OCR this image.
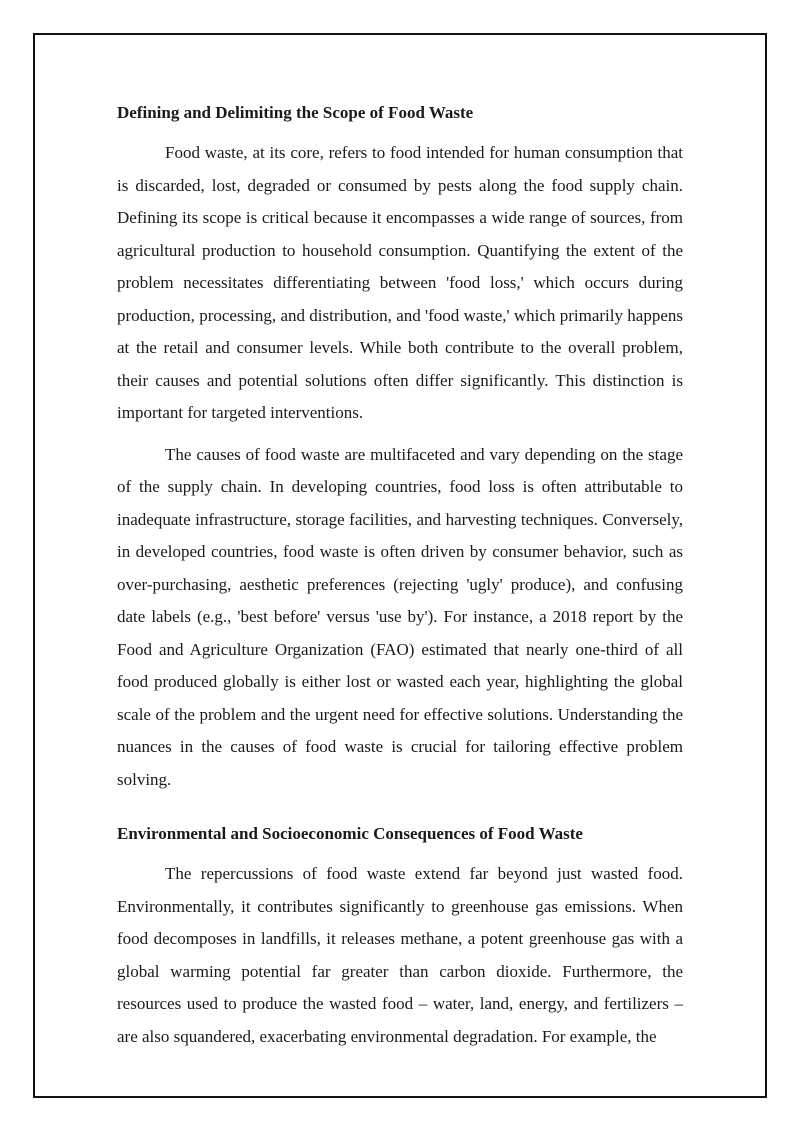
Defining and Delimiting the Scope of Food Waste

Food waste, at its core, refers to food intended for human consumption that is discarded, lost, degraded or consumed by pests along the food supply chain. Defining its scope is critical because it encompasses a wide range of sources, from agricultural production to household consumption. Quantifying the extent of the problem necessitates differentiating between 'food loss,' which occurs during production, processing, and distribution, and 'food waste,' which primarily happens at the retail and consumer levels. While both contribute to the overall problem, their causes and potential solutions often differ significantly. This distinction is important for targeted interventions.

The causes of food waste are multifaceted and vary depending on the stage of the supply chain. In developing countries, food loss is often attributable to inadequate infrastructure, storage facilities, and harvesting techniques. Conversely, in developed countries, food waste is often driven by consumer behavior, such as over-purchasing, aesthetic preferences (rejecting 'ugly' produce), and confusing date labels (e.g., 'best before' versus 'use by'). For instance, a 2018 report by the Food and Agriculture Organization (FAO) estimated that nearly one-third of all food produced globally is either lost or wasted each year, highlighting the global scale of the problem and the urgent need for effective solutions. Understanding the nuances in the causes of food waste is crucial for tailoring effective problem solving.

Environmental and Socioeconomic Consequences of Food Waste

The repercussions of food waste extend far beyond just wasted food. Environmentally, it contributes significantly to greenhouse gas emissions. When food decomposes in landfills, it releases methane, a potent greenhouse gas with a global warming potential far greater than carbon dioxide. Furthermore, the resources used to produce the wasted food – water, land, energy, and fertilizers – are also squandered, exacerbating environmental degradation. For example, the
